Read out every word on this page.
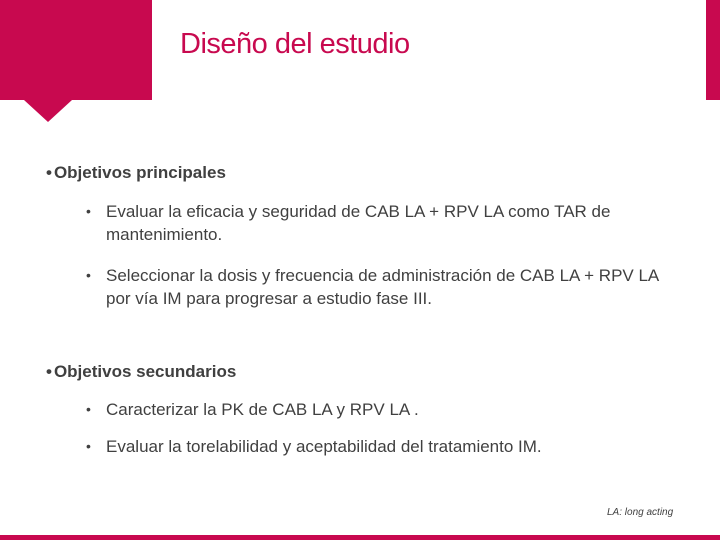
Diseño del estudio
• Objetivos principales
• Evaluar la eficacia y seguridad de CAB LA + RPV LA como TAR de mantenimiento.
• Seleccionar la dosis y frecuencia de administración de CAB LA + RPV LA por vía IM para progresar a estudio fase III.
• Objetivos secundarios
• Caracterizar la PK de CAB LA y RPV LA .
• Evaluar la torelabilidad y aceptabilidad del tratamiento IM.
LA: long acting
